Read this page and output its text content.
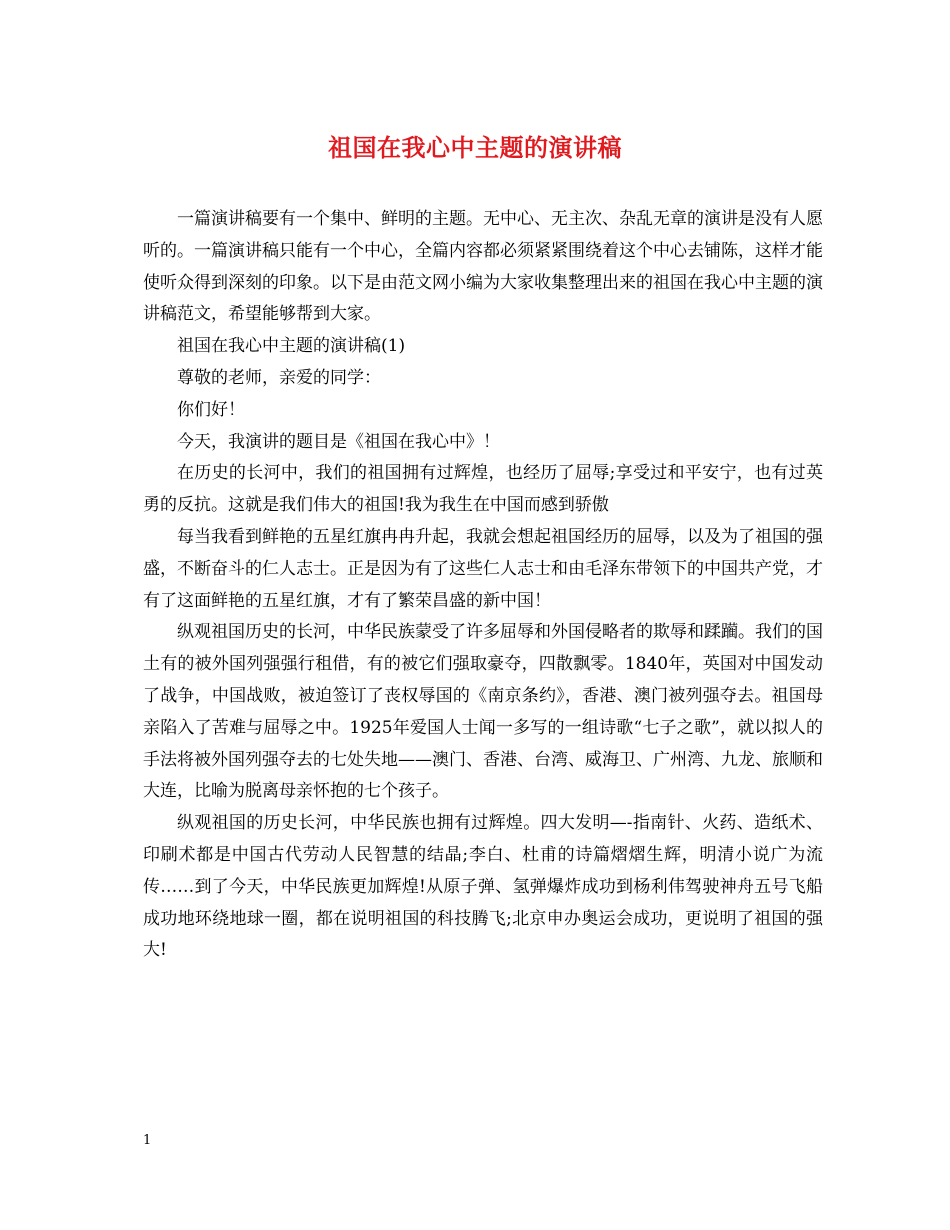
祖国在我心中主题的演讲稿

一篇演讲稿要有一个集中、鲜明的主题。无中心、无主次、杂乱无章的演讲是没有人愿听的。一篇演讲稿只能有一个中心，全篇内容都必须紧紧围绕着这个中心去铺陈，这样才能使听众得到深刻的印象。以下是由范文网小编为大家收集整理出来的祖国在我心中主题的演讲稿范文，希望能够帮到大家。

祖国在我心中主题的演讲稿(1)

尊敬的老师，亲爱的同学：

你们好！

今天，我演讲的题目是《祖国在我心中》！

在历史的长河中，我们的祖国拥有过辉煌，也经历了屈辱;享受过和平安宁，也有过英勇的反抗。这就是我们伟大的祖国!我为我生在中国而感到骄傲

每当我看到鲜艳的五星红旗冉冉升起，我就会想起祖国经历的屈辱，以及为了祖国的强盛，不断奋斗的仁人志士。正是因为有了这些仁人志士和由毛泽东带领下的中国共产党，才有了这面鲜艳的五星红旗，才有了繁荣昌盛的新中国！

纵观祖国历史的长河，中华民族蒙受了许多屈辱和外国侵略者的欺辱和蹂躏。我们的国土有的被外国列强强行租借，有的被它们强取豪夺，四散飘零。1840年，英国对中国发动了战争，中国战败，被迫签订了丧权辱国的《南京条约》，香港、澳门被列强夺去。祖国母亲陷入了苦难与屈辱之中。1925年爱国人士闻一多写的一组诗歌“七子之歌”，就以拟人的手法将被外国列强夺去的七处失地——澳门、香港、台湾、威海卫、广州湾、九龙、旅顺和大连，比喻为脱离母亲怀抱的七个孩子。

纵观祖国的历史长河，中华民族也拥有过辉煌。四大发明—-指南针、火药、造纸术、印刷术都是中国古代劳动人民智慧的结晶;李白、杜甫的诗篇熠熠生辉，明清小说广为流传……到了今天，中华民族更加辉煌!从原子弹、氢弹爆炸成功到杨利伟驾驶神舟五号飞船成功地环绕地球一圈，都在说明祖国的科技腾飞;北京申办奥运会成功，更说明了祖国的强大!

1
